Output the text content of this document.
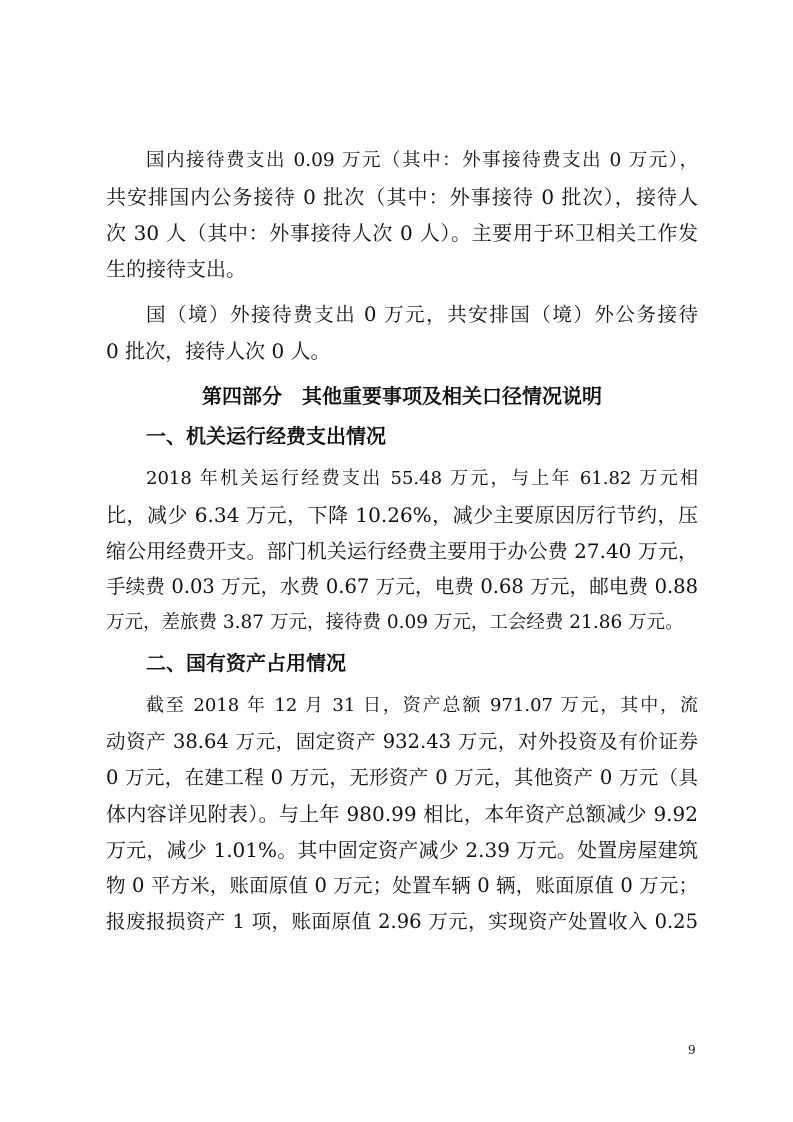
国内接待费支出 0.09 万元（其中：外事接待费支出 0 万元），
共安排国内公务接待 0 批次（其中：外事接待 0 批次），接待人
次 30 人（其中：外事接待人次 0 人）。主要用于环卫相关工作发
生的接待支出。
国（境）外接待费支出 0 万元，共安排国（境）外公务接待
0 批次，接待人次 0 人。
第四部分　其他重要事项及相关口径情况说明
一、机关运行经费支出情况
2018 年机关运行经费支出 55.48 万元，与上年 61.82 万元相
比，减少 6.34 万元，下降 10.26%，减少主要原因厉行节约，压
缩公用经费开支。部门机关运行经费主要用于办公费 27.40 万元，
手续费 0.03 万元，水费 0.67 万元，电费 0.68 万元，邮电费 0.88
万元，差旅费 3.87 万元，接待费 0.09 万元，工会经费 21.86 万元。
二、国有资产占用情况
截至 2018 年 12 月 31 日，资产总额 971.07 万元，其中，流
动资产 38.64 万元，固定资产 932.43 万元，对外投资及有价证券
0 万元，在建工程 0 万元，无形资产 0 万元，其他资产 0 万元（具
体内容详见附表）。与上年 980.99 相比，本年资产总额减少 9.92
万元，减少 1.01%。其中固定资产减少 2.39 万元。处置房屋建筑
物 0 平方米，账面原值 0 万元；处置车辆 0 辆，账面原值 0 万元；
报废报损资产 1 项，账面原值 2.96 万元，实现资产处置收入 0.25
9
